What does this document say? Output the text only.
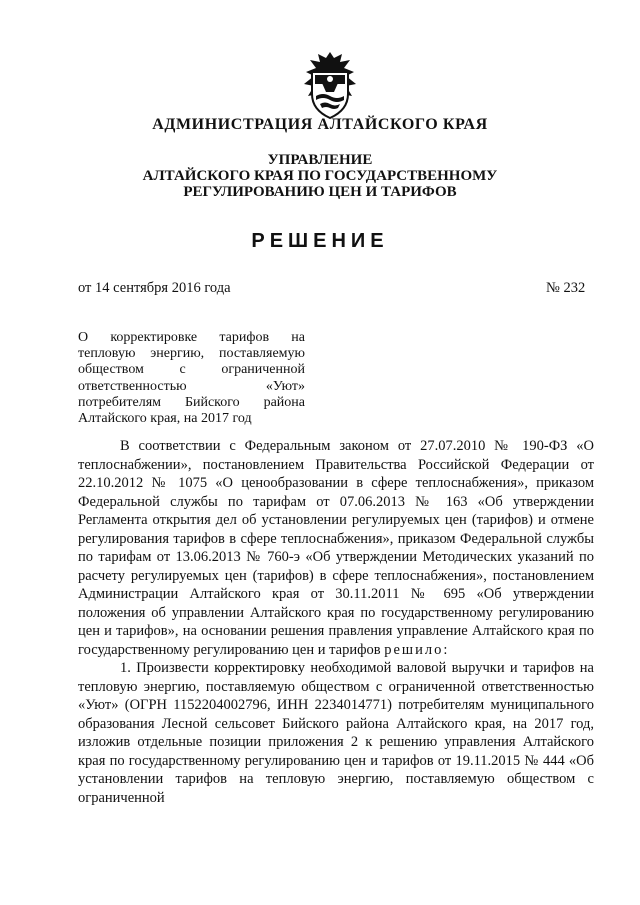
АДМИНИСТРАЦИЯ АЛТАЙСКОГО КРАЯ
УПРАВЛЕНИЕ
АЛТАЙСКОГО КРАЯ ПО ГОСУДАРСТВЕННОМУ
РЕГУЛИРОВАНИЮ ЦЕН И ТАРИФОВ
РЕШЕНИЕ
от 14 сентября 2016 года	№ 232
О корректировке тарифов на тепловую энергию, поставляемую обществом с ограниченной ответственностью «Уют» потребителям Бийского района Алтайского края, на 2017 год

В соответствии с Федеральным законом от 27.07.2010 № 190-ФЗ «О теплоснабжении», постановлением Правительства Российской Федерации от 22.10.2012 № 1075 «О ценообразовании в сфере теплоснабжения», приказом Федеральной службы по тарифам от 07.06.2013 № 163 «Об утверждении Регламента открытия дел об установлении регулируемых цен (тарифов) и отмене регулирования тарифов в сфере теплоснабжения», приказом Федеральной службы по тарифам от 13.06.2013 № 760-э «Об утверждении Методических указаний по расчету регулируемых цен (тарифов) в сфере теплоснабжения», постановлением Администрации Алтайского края от 30.11.2011 № 695 «Об утверждении положения об управлении Алтайского края по государственному регулированию цен и тарифов», на основании решения правления управление Алтайского края по государственному регулированию цен и тарифов решило:

1. Произвести корректировку необходимой валовой выручки и тарифов на тепловую энергию, поставляемую обществом с ограниченной ответственностью «Уют» (ОГРН 1152204002796, ИНН 2234014771) потребителям муниципального образования Лесной сельсовет Бийского района Алтайского края, на 2017 год, изложив отдельные позиции приложения 2 к решению управления Алтайского края по государственному регулированию цен и тарифов от 19.11.2015 № 444 «Об установлении тарифов на тепловую энергию, поставляемую обществом с ограниченной
